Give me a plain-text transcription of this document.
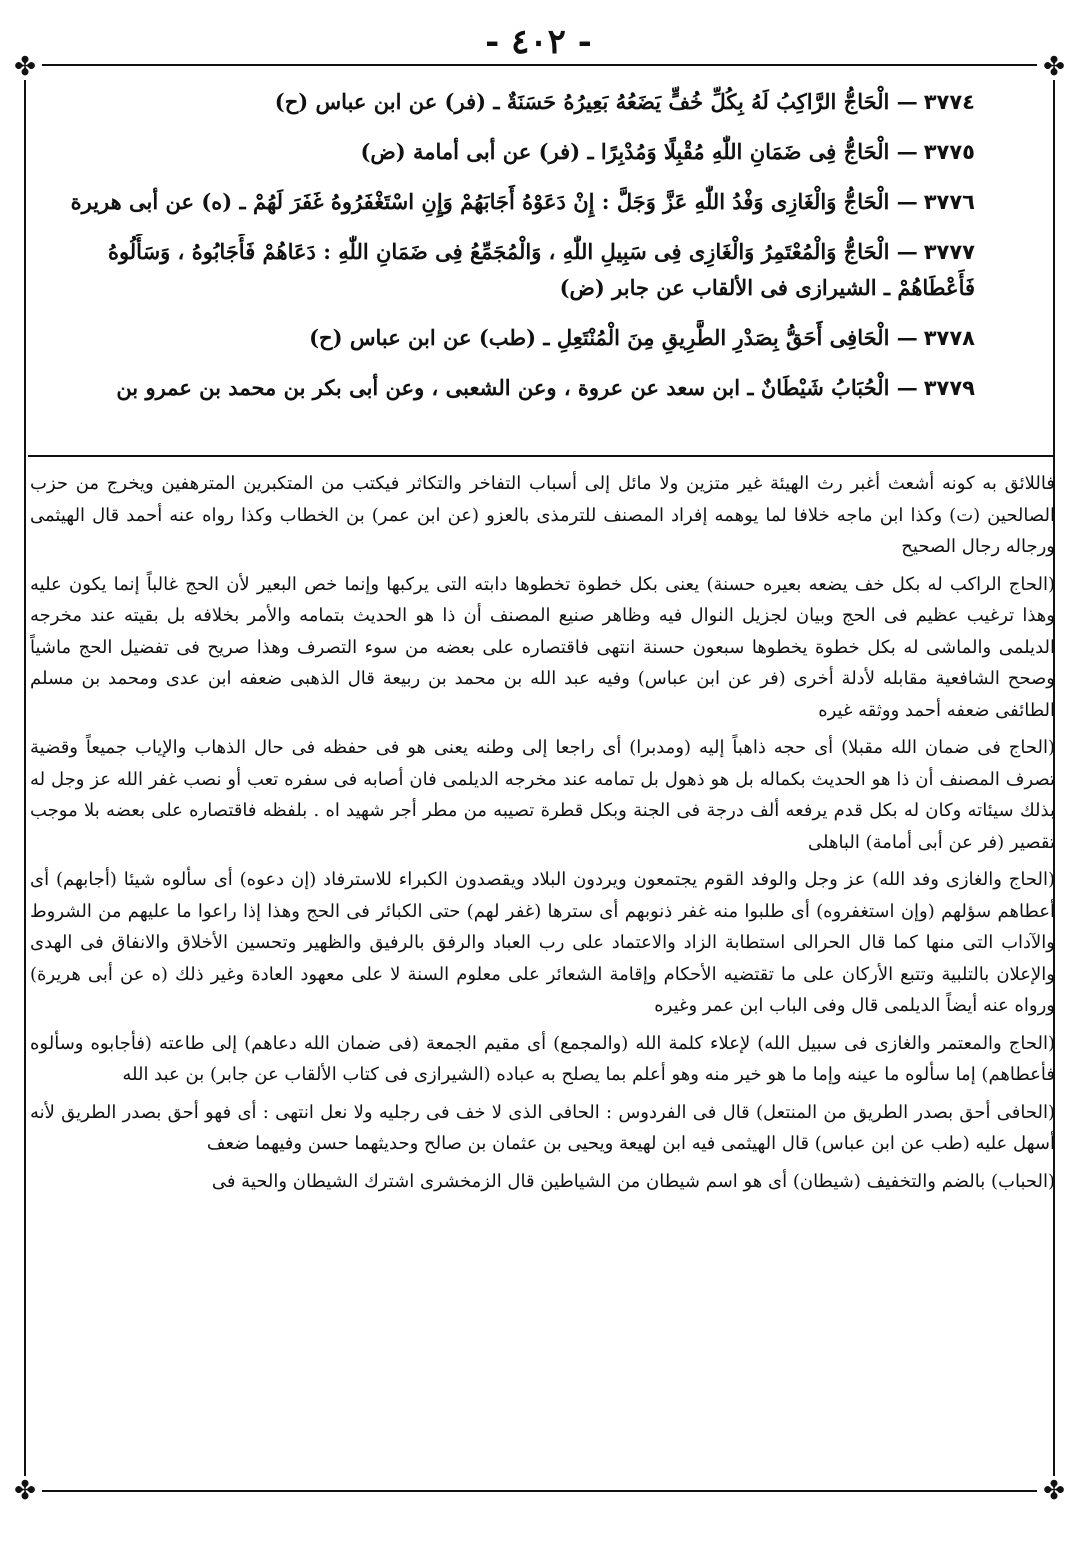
- ٤٠٢ -
✤	✤
✤	✤
٣٧٧٤— الْحَاجُّ الرَّاكِبُ لَهُ بِكُلِّ خُفٍّ يَضَعُهُ بَعِيرُهُ حَسَنَةٌ ـ (فر) عن ابن عباس (ح)
٣٧٧٥— الْحَاجُّ فِى ضَمَانِ اللّٰهِ مُقْبِلًا وَمُدْبِرًا ـ (فر) عن أبى أمامة (ض)
٣٧٧٦— الْحَاجُّ وَالْغَازِى وَفْدُ اللّٰهِ عَزَّ وَجَلَّ : إِنْ دَعَوْهُ أَجَابَهُمْ وَإِنِ اسْتَغْفَرُوهُ غَفَرَ لَهُمْ ـ (ه) عن أبى هريرة
٣٧٧٧— الْحَاجُّ وَالْمُعْتَمِرُ وَالْغَازِى فِى سَبِيلِ اللّٰهِ ، وَالْمُجَمِّعُ فِى ضَمَانِ اللّٰهِ : دَعَاهُمْ فَأَجَابُوهُ ، وَسَأَلُوهُ فَأَعْطَاهُمْ ـ الشيرازى فى الألقاب عن جابر (ض)
٣٧٧٨— الْحَافِى أَحَقُّ بِصَدْرِ الطَّرِيقِ مِنَ الْمُنْتَعِلِ ـ (طب) عن ابن عباس (ح)
٣٧٧٩— الْحُبَابُ شَيْطَانٌ ـ ابن سعد عن عروة ، وعن الشعبى ، وعن أبى بكر بن محمد بن عمرو بن

فاللائق به كونه أشعث أغبر رث الهيئة غير متزين ولا مائل إلى أسباب التفاخر والتكاثر فيكتب من المتكبرين المترهفين ويخرج من حزب الصالحين (ت) وكذا ابن ماجه خلافا لما يوهمه إفراد المصنف للترمذى بالعزو (عن ابن عمر) بن الخطاب وكذا رواه عنه أحمد قال الهيثمى ورجاله رجال الصحيح

(الحاج الراكب له بكل خف يضعه بعيره حسنة) يعنى بكل خطوة تخطوها دابته التى يركبها وإنما خص البعير لأن الحج غالباً إنما يكون عليه وهذا ترغيب عظيم فى الحج وبيان لجزيل النوال فيه وظاهر صنيع المصنف أن ذا هو الحديث بتمامه والأمر بخلافه بل بقيته عند مخرجه الديلمى والماشى له بكل خطوة يخطوها سبعون حسنة انتهى فاقتصاره على بعضه من سوء التصرف وهذا صريح فى تفضيل الحج ماشياً وصحح الشافعية مقابله لأدلة أخرى (فر عن ابن عباس) وفيه عبد الله بن محمد بن ربيعة قال الذهبى ضعفه ابن عدى ومحمد بن مسلم الطائفى ضعفه أحمد ووثقه غيره

(الحاج فى ضمان الله مقبلا) أى حجه ذاهباً إليه (ومدبرا) أى راجعا إلى وطنه يعنى هو فى حفظه فى حال الذهاب والإياب جميعاً وقضية تصرف المصنف أن ذا هو الحديث بكماله بل هو ذهول بل تمامه عند مخرجه الديلمى فان أصابه فى سفره تعب أو نصب غفر الله عز وجل له بذلك سيئاته وكان له بكل قدم يرفعه ألف درجة فى الجنة وبكل قطرة تصيبه من مطر أجر شهيد اه . بلفظه فاقتصاره على بعضه بلا موجب تقصير (فر عن أبى أمامة) الباهلى

(الحاج والغازى وفد الله) عز وجل والوفد القوم يجتمعون ويردون البلاد ويقصدون الكبراء للاسترفاد (إن دعوه) أى سألوه شيئا (أجابهم) أى أعطاهم سؤلهم (وإن استغفروه) أى طلبوا منه غفر ذنوبهم أى سترها (غفر لهم) حتى الكبائر فى الحج وهذا إذا راعوا ما عليهم من الشروط والآداب التى منها كما قال الحرالى استطابة الزاد والاعتماد على رب العباد والرفق بالرفيق والظهير وتحسين الأخلاق والانفاق فى الهدى والإعلان بالتلبية وتتبع الأركان على ما تقتضيه الأحكام وإقامة الشعائر على معلوم السنة لا على معهود العادة وغير ذلك (ه عن أبى هريرة) ورواه عنه أيضاً الديلمى قال وفى الباب ابن عمر وغيره

(الحاج والمعتمر والغازى فى سبيل الله) لإعلاء كلمة الله (والمجمع) أى مقيم الجمعة (فى ضمان الله دعاهم) إلى طاعته (فأجابوه وسألوه فأعطاهم) إما سألوه ما عينه وإما ما هو خير منه وهو أعلم بما يصلح به عباده (الشيرازى فى كتاب الألقاب عن جابر) بن عبد الله

(الحافى أحق بصدر الطريق من المنتعل) قال فى الفردوس : الحافى الذى لا خف فى رجليه ولا نعل انتهى : أى فهو أحق بصدر الطريق لأنه أسهل عليه (طب عن ابن عباس) قال الهيثمى فيه ابن لهيعة ويحيى بن عثمان بن صالح وحديثهما حسن وفيهما ضعف

(الحباب) بالضم والتخفيف (شيطان) أى هو اسم شيطان من الشياطين قال الزمخشرى اشترك الشيطان والحية فى
